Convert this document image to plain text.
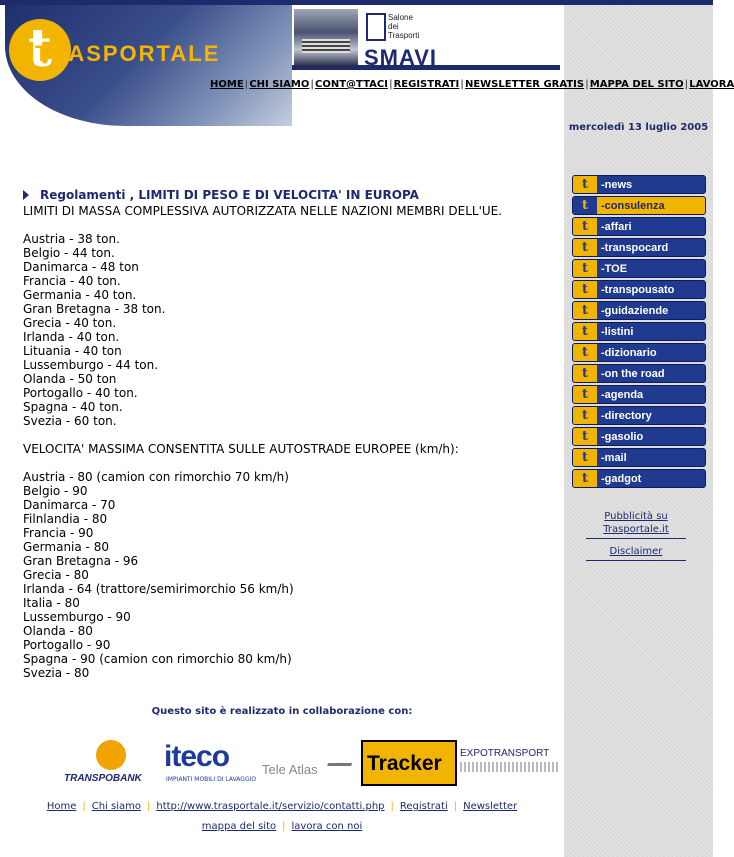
t
TRASPORTALE
Salone
dei
Trasporti
SMAVI
HOME|CHI SIAMO|CONT@TTACI|REGISTRATI|NEWSLETTER GRATIS|MAPPA DEL SITO|LAVORA
mercoledì 13 luglio 2005
t	-news
t	-consulenza
t	-affari
t	-transpocard
t	-TOE
t	-transpousato
t	-guidaziende
t	-listini
t	-dizionario
t	-on the road
t	-agenda
t	-directory
t	-gasolio
t	-mail
t	-gadgot
Pubblicità su Trasportale.it
Disclaimer
Regolamenti , LIMITI DI PESO E DI VELOCITA' IN EUROPA

LIMITI DI MASSA COMPLESSIVA AUTORIZZATA NELLE NAZIONI MEMBRI DELL'UE.

Austria - 38 ton.

Belgio - 44 ton.

Danimarca - 48 ton

Francia - 40 ton.

Germania - 40 ton.

Gran Bretagna - 38 ton.

Grecia - 40 ton.

Irlanda - 40 ton.

Lituania - 40 ton

Lussemburgo - 44 ton.

Olanda - 50 ton

Portogallo - 40 ton.

Spagna - 40 ton.

Svezia - 60 ton.

VELOCITA' MASSIMA CONSENTITA SULLE AUTOSTRADE EUROPEE (km/h):

Austria - 80 (camion con rimorchio 70 km/h)

Belgio - 90

Danimarca - 70

Filnlandia - 80

Francia - 90

Germania - 80

Gran Bretagna - 96

Grecia - 80

Irlanda - 64 (trattore/semirimorchio 56 km/h)

Italia - 80

Lussemburgo - 90

Olanda - 80

Portogallo - 90

Spagna - 90 (camion con rimorchio 80 km/h)

Svezia - 80

Questo sito è realizzato in collaborazione con:
TRANSPOBANK
iteco
IMPIANTI MOBILI DI LAVAGGIO
Tele Atlas Tracker EXPOTRANSPORT
Home | Chi siamo | http://www.trasportale.it/servizio/contatti.php | Registrati | Newsletter
mappa del sito | lavora con noi
